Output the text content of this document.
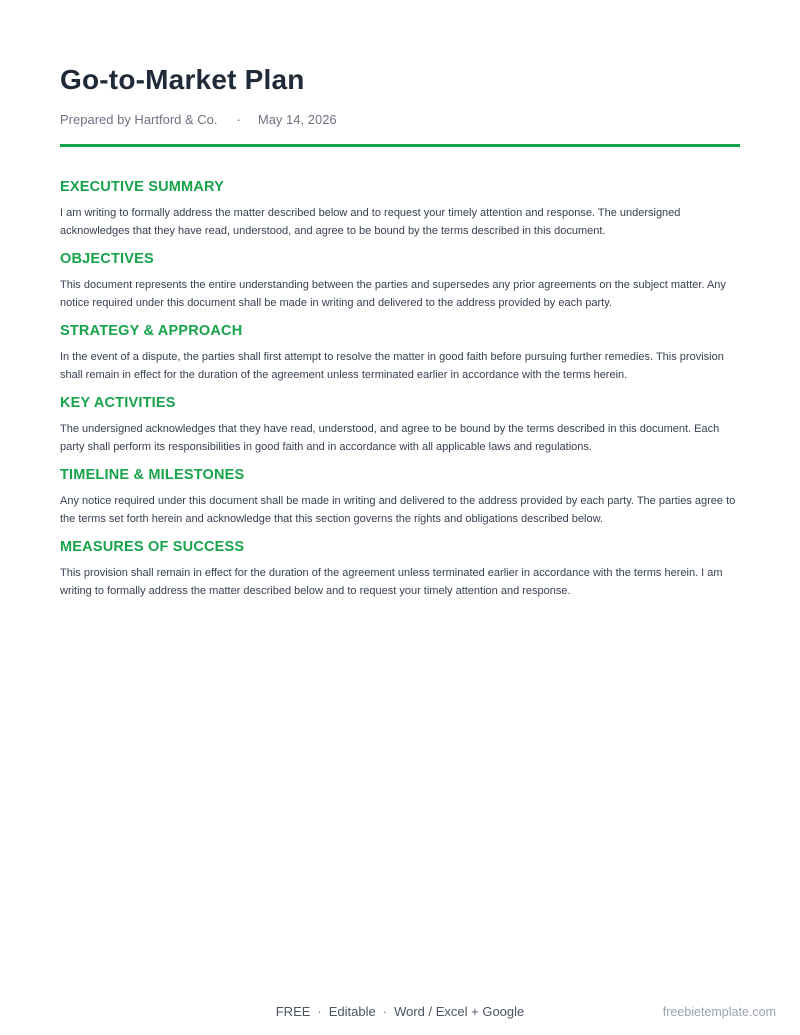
Go-to-Market Plan
Prepared by Hartford & Co. · May 14, 2026
EXECUTIVE SUMMARY

I am writing to formally address the matter described below and to request your timely attention and response. The undersigned acknowledges that they have read, understood, and agree to be bound by the terms described in this document.

OBJECTIVES

This document represents the entire understanding between the parties and supersedes any prior agreements on the subject matter. Any notice required under this document shall be made in writing and delivered to the address provided by each party.

STRATEGY & APPROACH

In the event of a dispute, the parties shall first attempt to resolve the matter in good faith before pursuing further remedies. This provision shall remain in effect for the duration of the agreement unless terminated earlier in accordance with the terms herein.

KEY ACTIVITIES

The undersigned acknowledges that they have read, understood, and agree to be bound by the terms described in this document. Each party shall perform its responsibilities in good faith and in accordance with all applicable laws and regulations.

TIMELINE & MILESTONES

Any notice required under this document shall be made in writing and delivered to the address provided by each party. The parties agree to the terms set forth herein and acknowledge that this section governs the rights and obligations described below.

MEASURES OF SUCCESS

This provision shall remain in effect for the duration of the agreement unless terminated earlier in accordance with the terms herein. I am writing to formally address the matter described below and to request your timely attention and response.

FREE · Editable · Word / Excel + Google	freebietemplate.com
